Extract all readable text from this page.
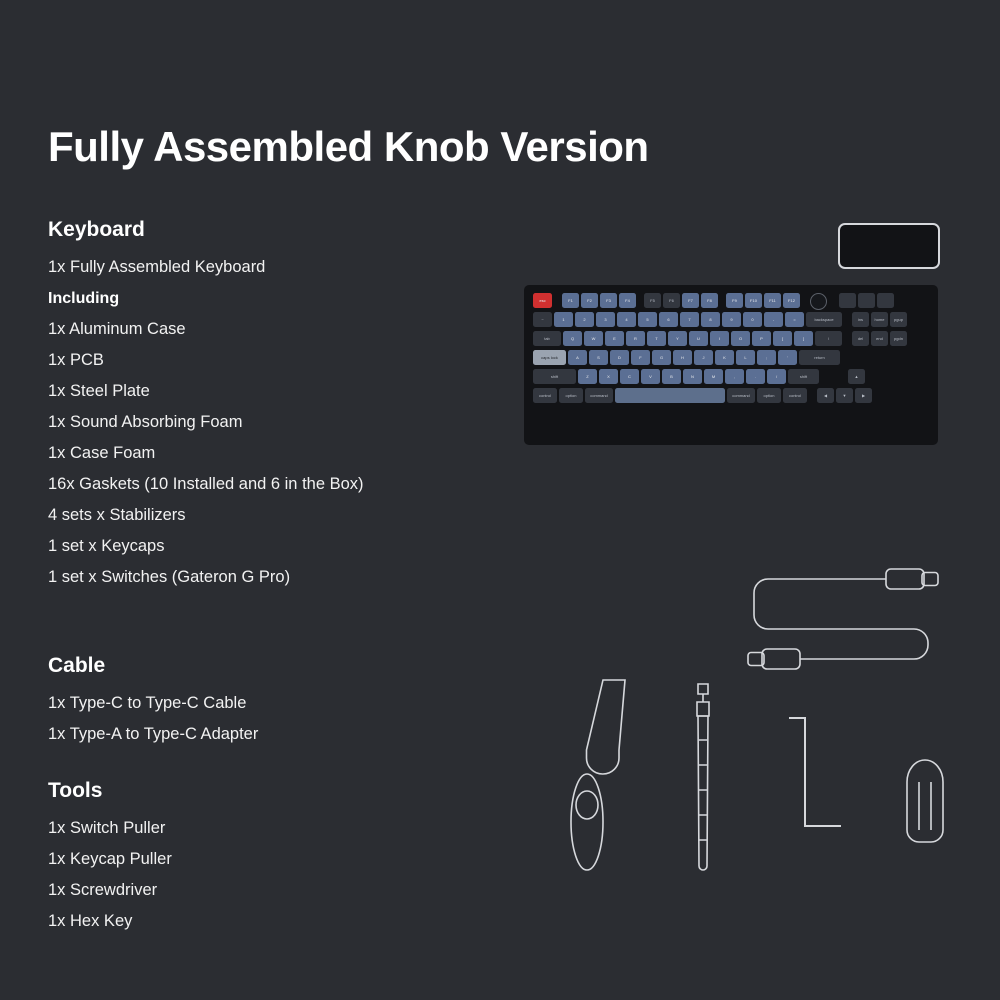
Fully Assembled Knob Version
Keyboard
1x Fully Assembled Keyboard
Including
1x Aluminum Case
1x PCB
1x Steel Plate
1x Sound Absorbing Foam
1x Case Foam
16x Gaskets (10 Installed and 6 in the Box)
4 sets x Stabilizers
1 set x Keycaps
1 set x Switches (Gateron G Pro)
Cable
1x Type-C to Type-C Cable
1x Type-A to Type-C Adapter
Tools
1x Switch Puller
1x Keycap Puller
1x Screwdriver
1x Hex Key
esc	F1	F2	F3	F4	F5	F6	F7	F8	F9	F10	F11	F12
~	1	2	3	4	5	6	7	8	9	0	-	=	backspace	ins	home	pgup
tab	Q	W	E	R	T	Y	U	I	O	P	[	]	\	del	end	pgdn
caps lock	A	S	D	F	G	H	J	K	L	;	'	return
shift	Z	X	C	V	B	N	M	,	.	/	shift	▲
control	option	command	command	option	control	◀	▼	▶
